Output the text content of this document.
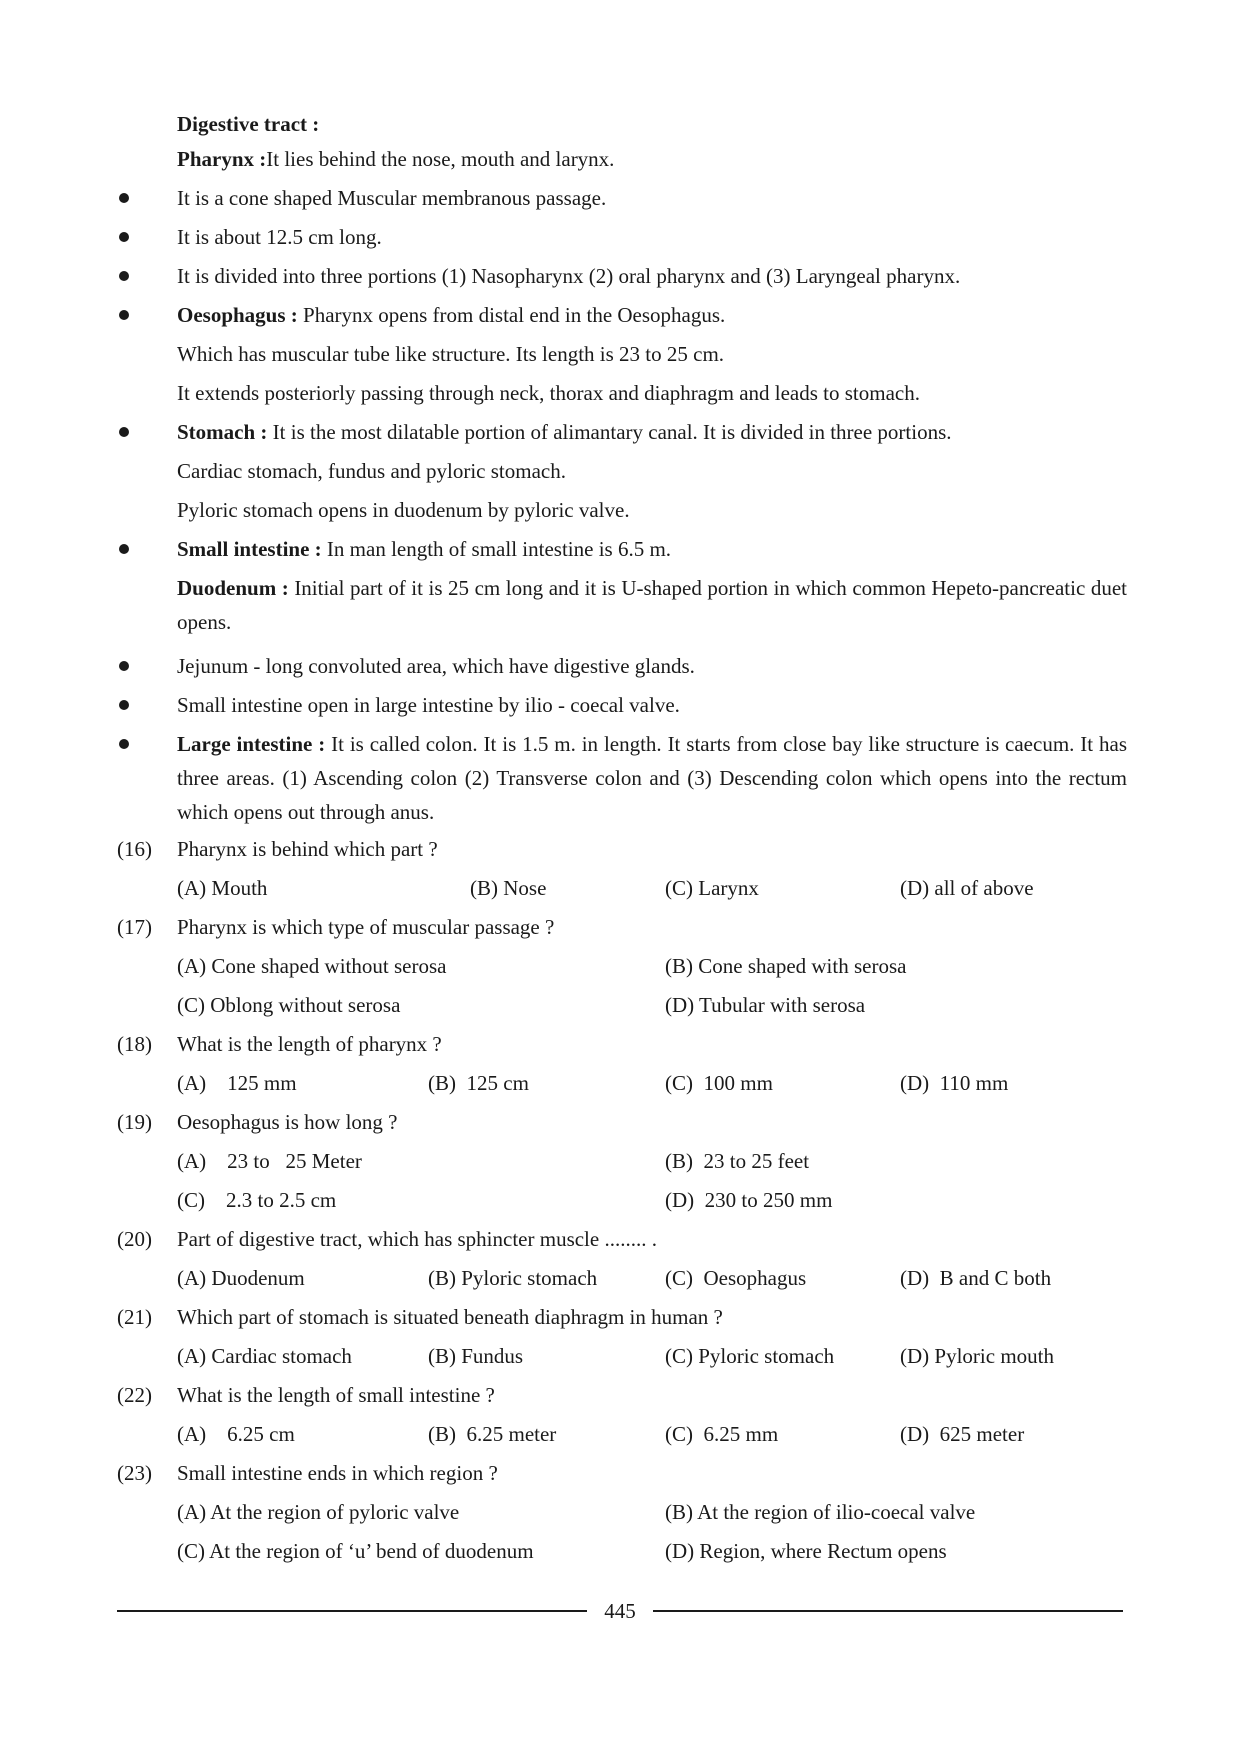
Digestive tract :
Pharynx :It lies behind the nose, mouth and larynx.
It is a cone shaped Muscular membranous passage.
It is about 12.5 cm long.
It is divided into three portions (1) Nasopharynx (2) oral pharynx and (3) Laryngeal pharynx.
Oesophagus : Pharynx opens from distal end in the Oesophagus.
Which has muscular tube like structure. Its length is 23 to 25 cm.
It extends posteriorly passing through neck, thorax and diaphragm and leads to stomach.
Stomach : It is the most dilatable portion of alimantary canal. It is divided in three portions.
Cardiac stomach, fundus and pyloric stomach.
Pyloric stomach opens in duodenum by pyloric valve.
Small intestine : In man length of small intestine is 6.5 m.
Duodenum : Initial part of it is 25 cm long and it is U-shaped portion in which common Hepeto-pancreatic duet opens.
Jejunum - long convoluted area, which have digestive glands.
Small intestine open in large intestine by ilio - coecal valve.
Large intestine : It is called colon. It is 1.5 m. in length. It starts from close bay like structure is caecum. It has three areas. (1) Ascending colon (2) Transverse colon and (3) Descending colon which opens into the rectum which opens out through anus.
(16) Pharynx is behind which part ?
(A) Mouth	(B) Nose	(C) Larynx	(D) all of above
(17) Pharynx is which type of muscular passage ?
(A) Cone shaped without serosa	(B) Cone shaped with serosa
(C) Oblong without serosa	(D) Tubular with serosa
(18) What is the length of pharynx ?
(A)    125 mm	(B)  125 cm	(C)  100 mm	(D)  110 mm
(19) Oesophagus is how long ?
(A)    23 to   25 Meter	(B)  23 to 25 feet
(C)    2.3 to 2.5 cm	(D)  230 to 250 mm
(20) Part of digestive tract, which has sphincter muscle ........ .
(A) Duodenum	(B) Pyloric stomach	(C)  Oesophagus	(D)  B and C both
(21) Which part of stomach is situated beneath diaphragm in human ?
(A) Cardiac stomach	(B) Fundus	(C) Pyloric stomach	(D) Pyloric mouth
(22) What is the length of small intestine ?
(A)    6.25 cm	(B)  6.25 meter	(C)  6.25 mm	(D)  625 meter
(23) Small intestine ends in which region ?
(A) At the region of pyloric valve	(B) At the region of ilio-coecal valve
(C) At the region of ‘u’ bend of duodenum	(D) Region, where Rectum opens
445
